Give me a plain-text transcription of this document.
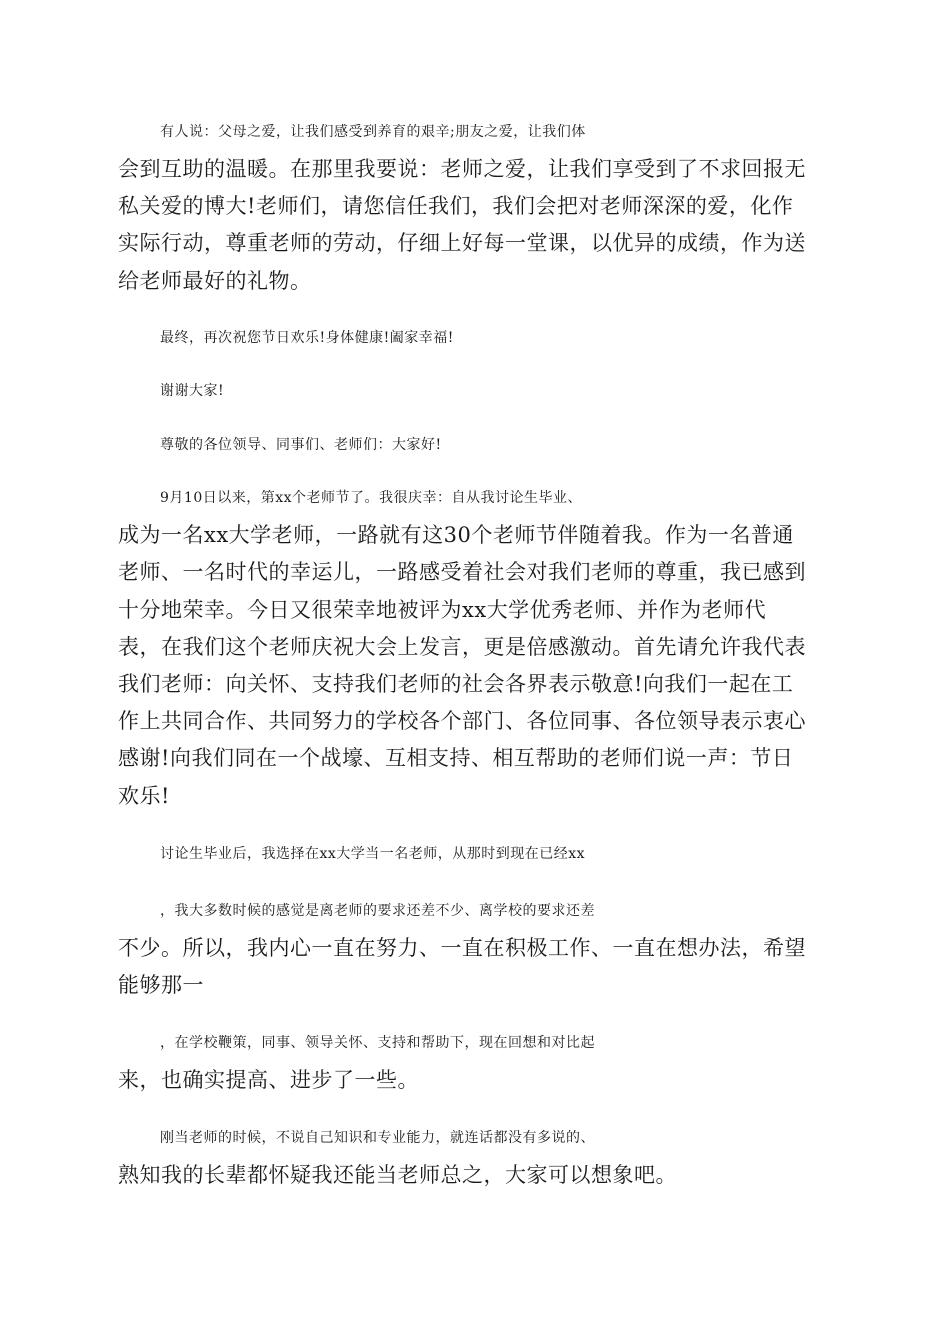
有人说：父母之爱，让我们感受到养育的艰辛;朋友之爱，让我们体
会到互助的温暖。在那里我要说：老师之爱，让我们享受到了不求回报无
私关爱的博大!老师们，请您信任我们，我们会把对老师深深的爱，化作
实际行动，尊重老师的劳动，仔细上好每一堂课，以优异的成绩，作为送
给老师最好的礼物。
最终，再次祝您节日欢乐!身体健康!阖家幸福!
谢谢大家!
尊敬的各位领导、同事们、老师们：大家好!
9月10日以来，第xx个老师节了。我很庆幸：自从我讨论生毕业、
成为一名xx大学老师，一路就有这30个老师节伴随着我。作为一名普通
老师、一名时代的幸运儿，一路感受着社会对我们老师的尊重，我已感到
十分地荣幸。今日又很荣幸地被评为xx大学优秀老师、并作为老师代
表，在我们这个老师庆祝大会上发言，更是倍感激动。首先请允许我代表
我们老师：向关怀、支持我们老师的社会各界表示敬意!向我们一起在工
作上共同合作、共同努力的学校各个部门、各位同事、各位领导表示衷心
感谢!向我们同在一个战壕、互相支持、相互帮助的老师们说一声：节日
欢乐!
讨论生毕业后，我选择在xx大学当一名老师，从那时到现在已经xx
，我大多数时候的感觉是离老师的要求还差不少、离学校的要求还差
不少。所以，我内心一直在努力、一直在积极工作、一直在想办法，希望
能够那一
，在学校鞭策，同事、领导关怀、支持和帮助下，现在回想和对比起
来，也确实提高、进步了一些。
刚当老师的时候，不说自己知识和专业能力，就连话都没有多说的、
熟知我的长辈都怀疑我还能当老师总之，大家可以想象吧。
